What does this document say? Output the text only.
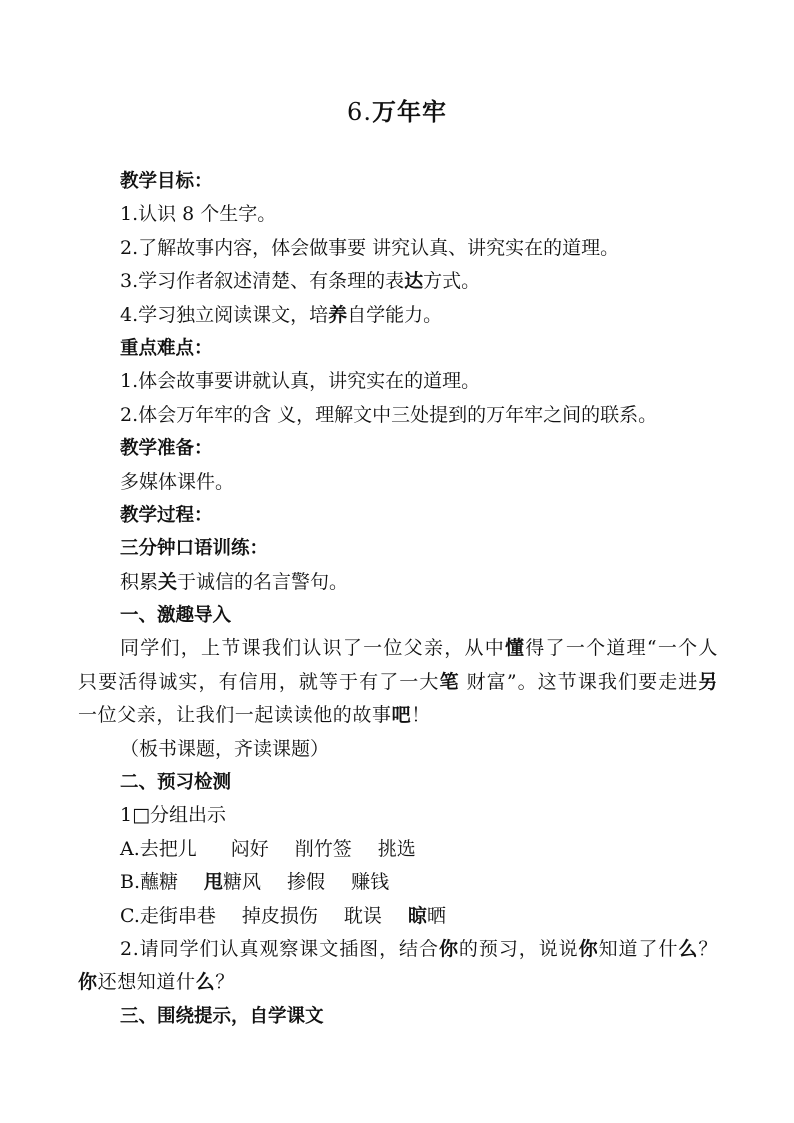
6.万年牢
教学目标：
1.认识 8 个生字。
2.了解故事内容，体会做事要 讲究认真、讲究实在的道理。
3.学习作者叙述清楚、有条理的表达方式。
4.学习独立阅读课文，培养自学能力。
重点难点：
1.体会故事要讲就认真，讲究实在的道理。
2.体会万年牢的含 义，理解文中三处提到的万年牢之间的联系。
教学准备：
多媒体课件。
教学过程：
三分钟口语训练：
积累关于诚信的名言警句。
一、激趣导入
同学们，上节课我们认识了一位父亲，从中懂得了一个道理“一个人只要活得诚实，有信用，就等于有了一大笔 财富”。这节课我们要走进另一位父亲，让我们一起读读他的故事吧！
（板书课题，齐读课题）
二、预习检测
1□分组出示
A.去把儿 闷好 削竹签 挑选
B.蘸糖 甩糖风 掺假 赚钱
C.走街串巷 掉皮损伤 耽误 晾晒
2.请同学们认真观察课文插图，结合你的预习，说说你知道了什么？你还想知道什么？
三、围绕提示，自学课文
